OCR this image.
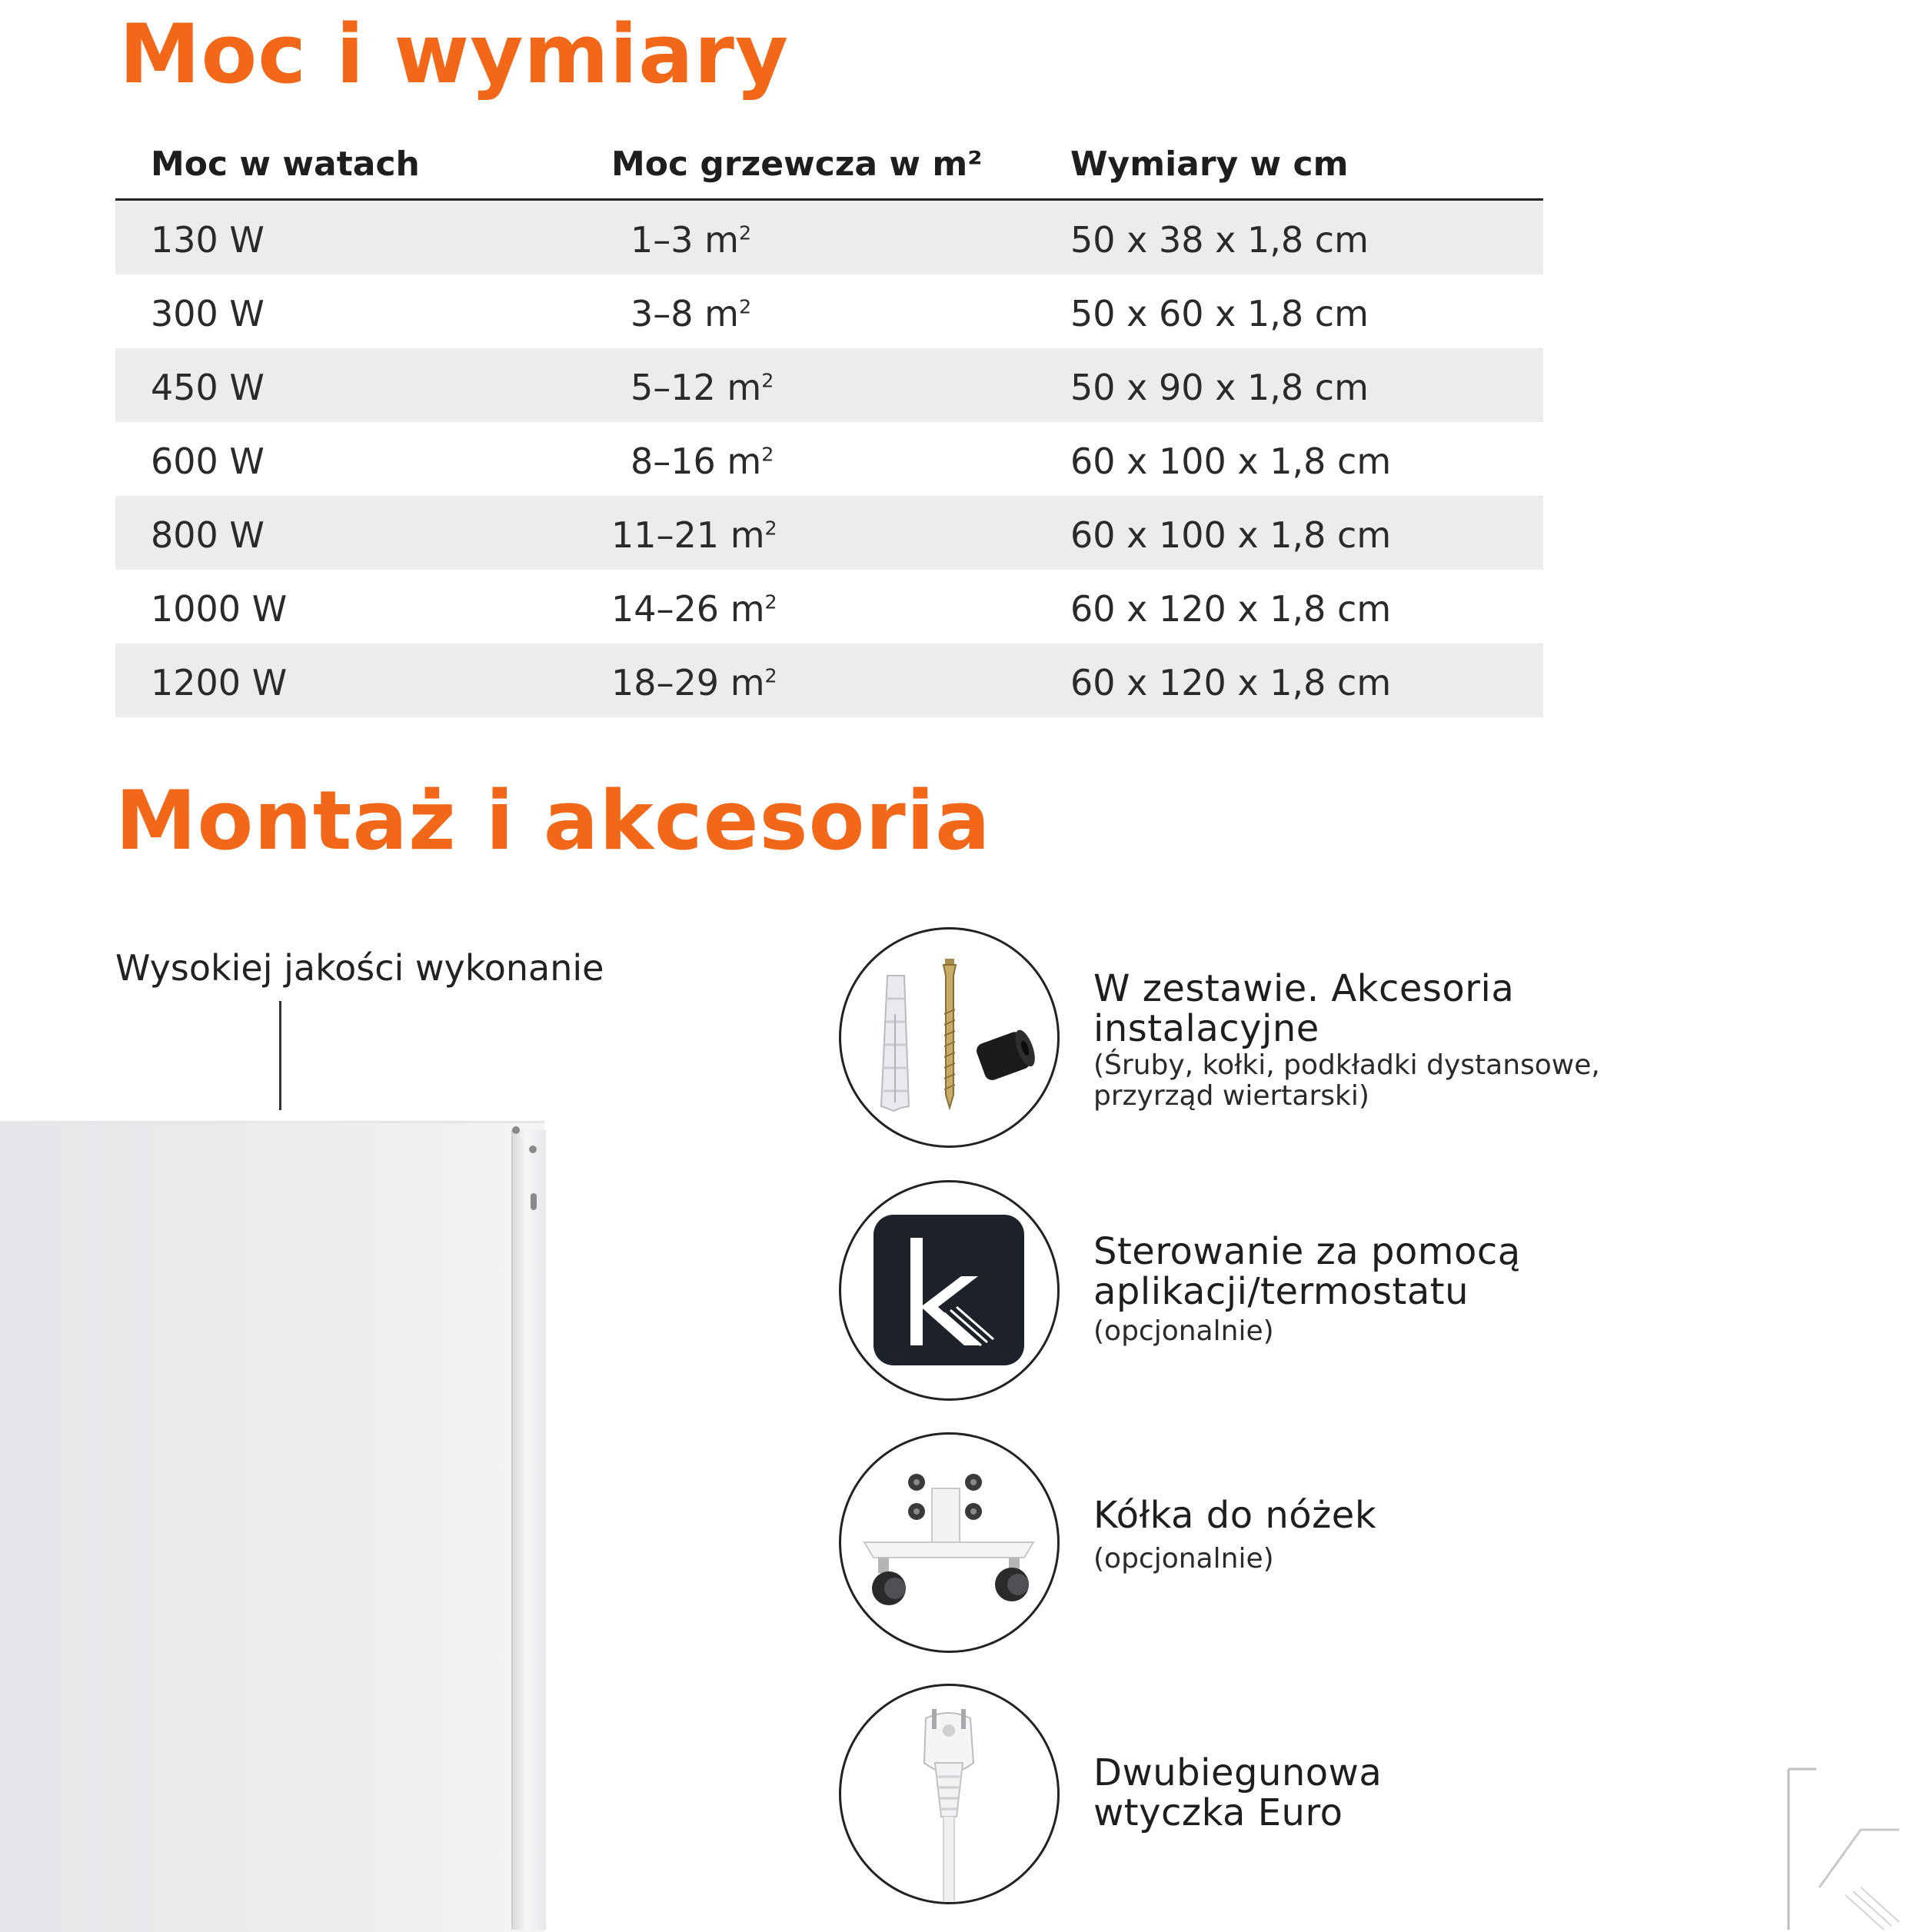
Moc i wymiary
Moc w watach	Moc grzewcza w m²	Wymiary w cm
130 W	1–3 $m^2$	50 x 38 x 1,8 cm
300 W	3–8 $m^2$	50 x 60 x 1,8 cm
450 W	5–12 $m^2$	50 x 90 x 1,8 cm
600 W	8–16 $m^2$	60 x 100 x 1,8 cm
800 W	11–21 $m^2$	60 x 100 x 1,8 cm
1000 W	14–26 $m^2$	60 x 120 x 1,8 cm
1200 W	18–29 $m^2$	60 x 120 x 1,8 cm
Montaż i akcesoria
Wysokiej jakości wykonanie	W zestawie. Akcesoria
instalacyjne
(Śruby, kołki, podkładki dystansowe,
przyrząd wiertarski)
Sterowanie za pomocą
aplikacji/termostatu
(opcjonalnie)
Kółka do nóżek
(opcjonalnie)
Dwubiegunowa
wtyczka Euro
